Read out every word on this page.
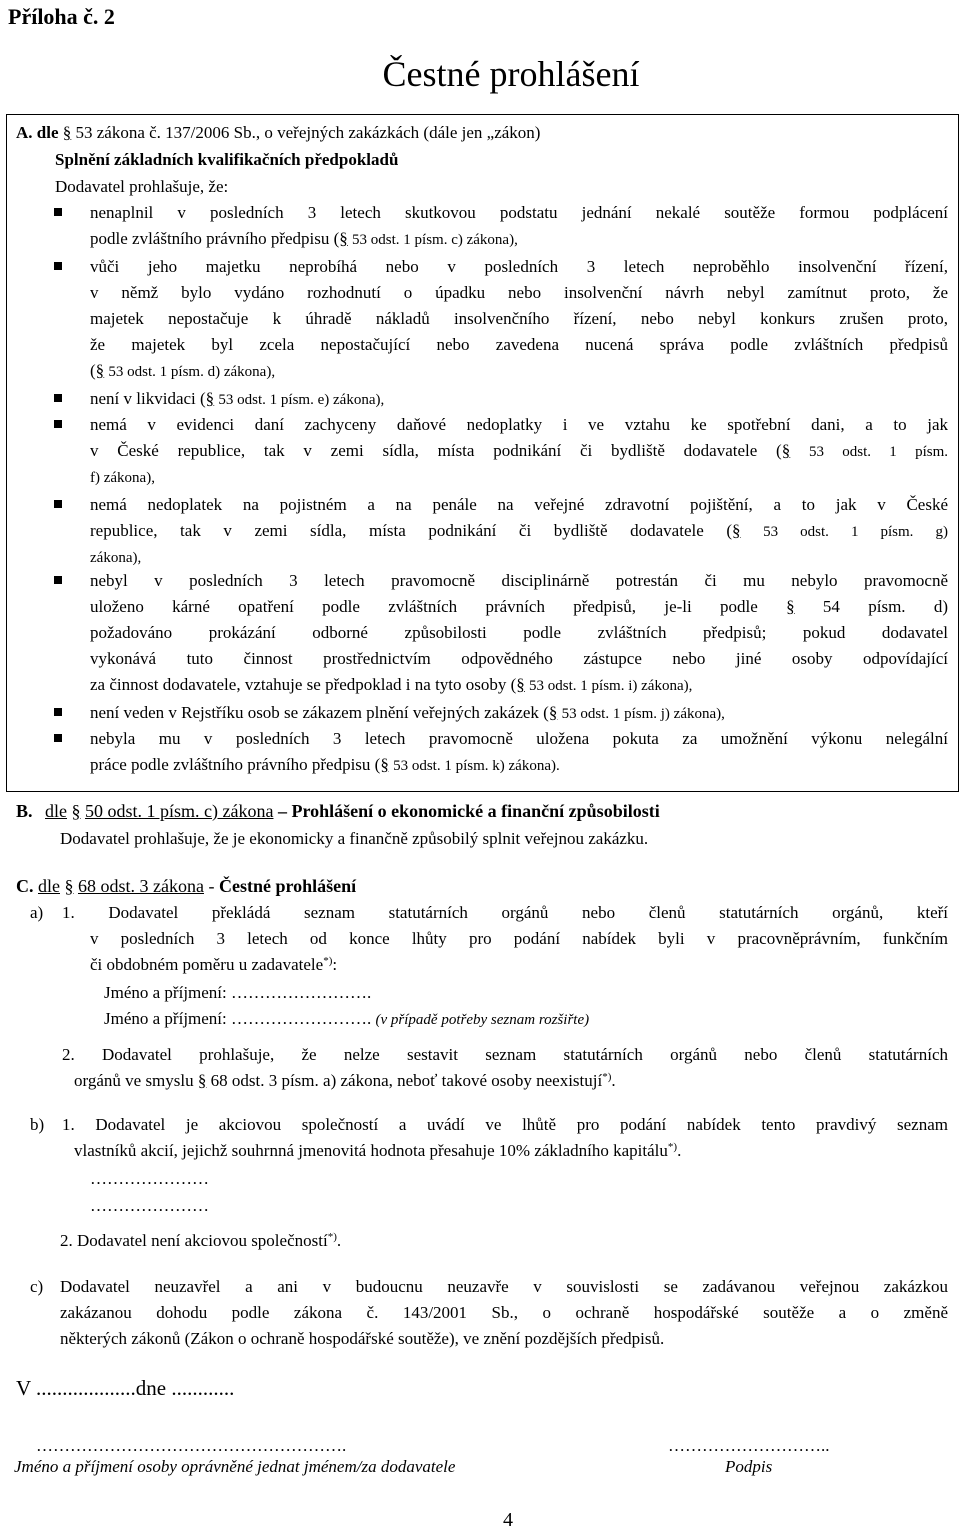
Příloha č. 2
Čestné prohlášení
A. dle § 53 zákona č. 137/2006 Sb., o veřejných zakázkách (dále jen „zákon)
Splnění základních kvalifikačních předpokladů
Dodavatel prohlašuje, že:
nenaplnil v posledních 3 letech skutkovou podstatu jednání nekalé soutěže formou podplácení
podle zvláštního právního předpisu (§ 53 odst. 1 písm. c) zákona),
vůči jeho majetku neprobíhá nebo v posledních 3 letech neproběhlo insolvenční řízení,
v němž bylo vydáno rozhodnutí o úpadku nebo insolvenční návrh nebyl zamítnut proto, že
majetek nepostačuje k úhradě nákladů insolvenčního řízení, nebo nebyl konkurs zrušen proto,
že majetek byl zcela nepostačující nebo zavedena nucená správa podle zvláštních předpisů
(§ 53 odst. 1 písm. d) zákona),
není v likvidaci (§ 53 odst. 1 písm. e) zákona),
nemá v evidenci daní zachyceny daňové nedoplatky i ve vztahu ke spotřební dani, a to jak
v České republice, tak v zemi sídla, místa podnikání či bydliště dodavatele (§ 53 odst. 1 písm.
f) zákona),
nemá nedoplatek na pojistném a na penále na veřejné zdravotní pojištění, a to jak v České
republice, tak v zemi sídla, místa podnikání či bydliště dodavatele (§ 53 odst. 1 písm. g)
zákona),
nebyl v posledních 3 letech pravomocně disciplinárně potrestán či mu nebylo pravomocně
uloženo kárné opatření podle zvláštních právních předpisů, je-li podle § 54 písm. d)
požadováno prokázání odborné způsobilosti podle zvláštních předpisů; pokud dodavatel
vykonává tuto činnost prostřednictvím odpovědného zástupce nebo jiné osoby odpovídající
za činnost dodavatele, vztahuje se předpoklad i na tyto osoby (§ 53 odst. 1 písm. i) zákona),
není veden v Rejstříku osob se zákazem plnění veřejných zakázek (§ 53 odst. 1 písm. j) zákona),
nebyla mu v posledních 3 letech pravomocně uložena pokuta za umožnění výkonu nelegální
práce podle zvláštního právního předpisu (§ 53 odst. 1 písm. k) zákona).
B. dle § 50 odst. 1 písm. c) zákona – Prohlášení o ekonomické a finanční způsobilosti
Dodavatel prohlašuje, že je ekonomicky a finančně způsobilý splnit veřejnou zakázku.
C. dle § 68 odst. 3 zákona - Čestné prohlášení
a) 1. Dodavatel překládá seznam statutárních orgánů nebo členů statutárních orgánů, kteří
v posledních 3 letech od konce lhůty pro podání nabídek byli v pracovněprávním, funkčním
či obdobném poměru u zadavatele*):
Jméno a příjmení: …………………….
Jméno a příjmení: ……………………. (v případě potřeby seznam rozšiřte)
2. Dodavatel prohlašuje, že nelze sestavit seznam statutárních orgánů nebo členů statutárních
orgánů ve smyslu § 68 odst. 3 písm. a) zákona, neboť takové osoby neexistují*).
b) 1. Dodavatel je akciovou společností a uvádí ve lhůtě pro podání nabídek tento pravdivý seznam
vlastníků akcií, jejichž souhrnná jmenovitá hodnota přesahuje 10% základního kapitálu*).
…………………
…………………
2. Dodavatel není akciovou společností*).
c) Dodavatel neuzavřel a ani v budoucnu neuzavře v souvislosti se zadávanou veřejnou zakázkou
zakázanou dohodu podle zákona č. 143/2001 Sb., o ochraně hospodářské soutěže a o změně
některých zákonů (Zákon o ochraně hospodářské soutěže), ve znění pozdějších předpisů.
V ...................dne ............
……………………………………………….	………………………..
Jméno a příjmení osoby oprávněné jednat jménem/za dodavatele	Podpis
4
